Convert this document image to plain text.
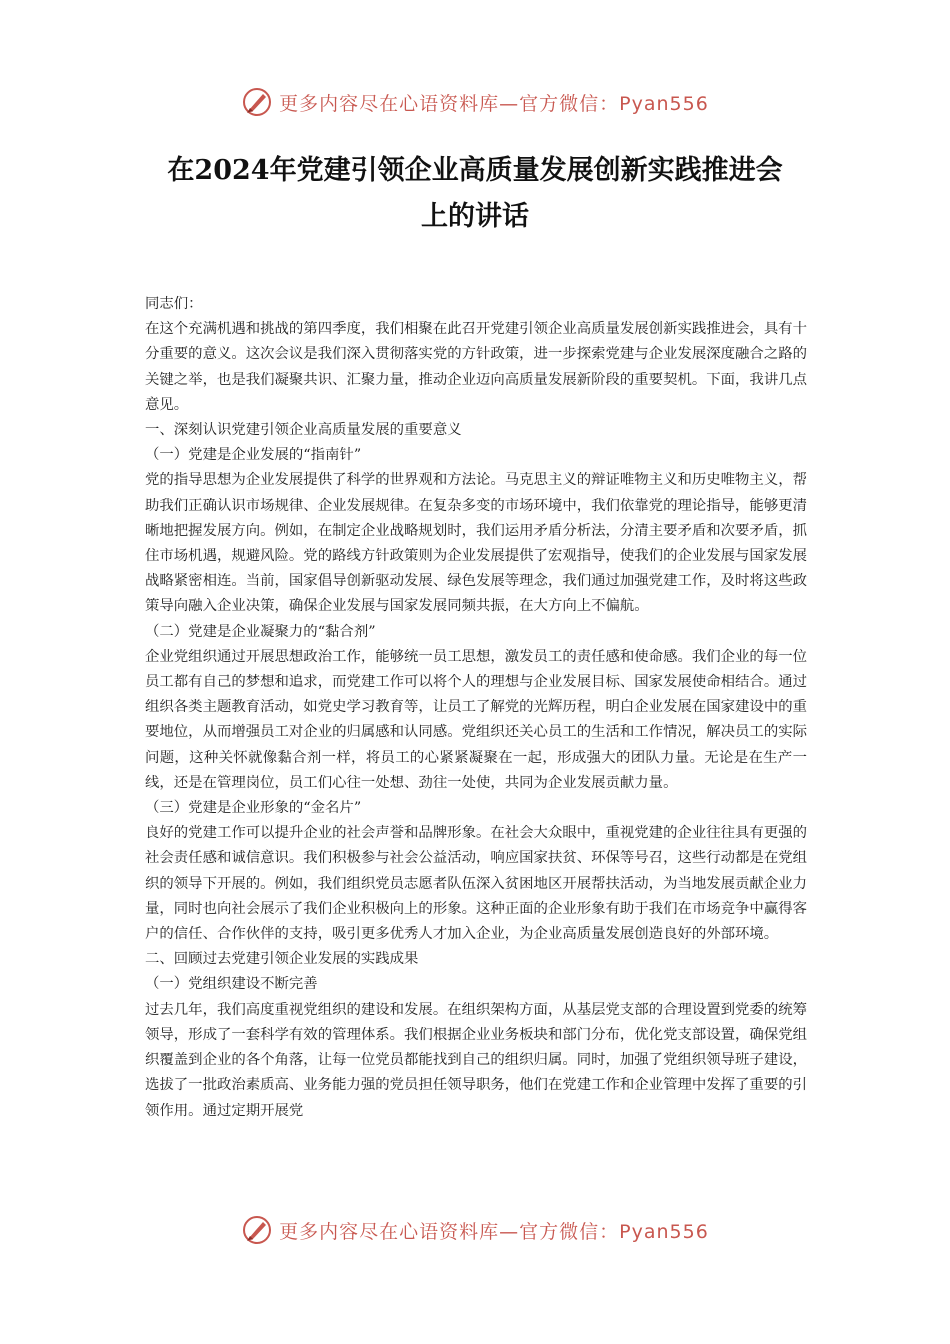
更多内容尽在心语资料库—官方微信：Pyan556
在2024年党建引领企业高质量发展创新实践推进会
上的讲话

同志们：

在这个充满机遇和挑战的第四季度，我们相聚在此召开党建引领企业高质量发展创新实践推进会，具有十分重要的意义。这次会议是我们深入贯彻落实党的方针政策，进一步探索党建与企业发展深度融合之路的关键之举，也是我们凝聚共识、汇聚力量，推动企业迈向高质量发展新阶段的重要契机。下面，我讲几点意见。

一、深刻认识党建引领企业高质量发展的重要意义

（一）党建是企业发展的“指南针”

党的指导思想为企业发展提供了科学的世界观和方法论。马克思主义的辩证唯物主义和历史唯物主义，帮助我们正确认识市场规律、企业发展规律。在复杂多变的市场环境中，我们依靠党的理论指导，能够更清晰地把握发展方向。例如，在制定企业战略规划时，我们运用矛盾分析法，分清主要矛盾和次要矛盾，抓住市场机遇，规避风险。党的路线方针政策则为企业发展提供了宏观指导，使我们的企业发展与国家发展战略紧密相连。当前，国家倡导创新驱动发展、绿色发展等理念，我们通过加强党建工作，及时将这些政策导向融入企业决策，确保企业发展与国家发展同频共振，在大方向上不偏航。

（二）党建是企业凝聚力的“黏合剂”

企业党组织通过开展思想政治工作，能够统一员工思想，激发员工的责任感和使命感。我们企业的每一位员工都有自己的梦想和追求，而党建工作可以将个人的理想与企业发展目标、国家发展使命相结合。通过组织各类主题教育活动，如党史学习教育等，让员工了解党的光辉历程，明白企业发展在国家建设中的重要地位，从而增强员工对企业的归属感和认同感。党组织还关心员工的生活和工作情况，解决员工的实际问题，这种关怀就像黏合剂一样，将员工的心紧紧凝聚在一起，形成强大的团队力量。无论是在生产一线，还是在管理岗位，员工们心往一处想、劲往一处使，共同为企业发展贡献力量。

（三）党建是企业形象的“金名片”

良好的党建工作可以提升企业的社会声誉和品牌形象。在社会大众眼中，重视党建的企业往往具有更强的社会责任感和诚信意识。我们积极参与社会公益活动，响应国家扶贫、环保等号召，这些行动都是在党组织的领导下开展的。例如，我们组织党员志愿者队伍深入贫困地区开展帮扶活动，为当地发展贡献企业力量，同时也向社会展示了我们企业积极向上的形象。这种正面的企业形象有助于我们在市场竞争中赢得客户的信任、合作伙伴的支持，吸引更多优秀人才加入企业，为企业高质量发展创造良好的外部环境。

二、回顾过去党建引领企业发展的实践成果

（一）党组织建设不断完善

过去几年，我们高度重视党组织的建设和发展。在组织架构方面，从基层党支部的合理设置到党委的统筹领导，形成了一套科学有效的管理体系。我们根据企业业务板块和部门分布，优化党支部设置，确保党组织覆盖到企业的各个角落，让每一位党员都能找到自己的组织归属。同时，加强了党组织领导班子建设，选拔了一批政治素质高、业务能力强的党员担任领导职务，他们在党建工作和企业管理中发挥了重要的引领作用。通过定期开展党

更多内容尽在心语资料库—官方微信：Pyan556
